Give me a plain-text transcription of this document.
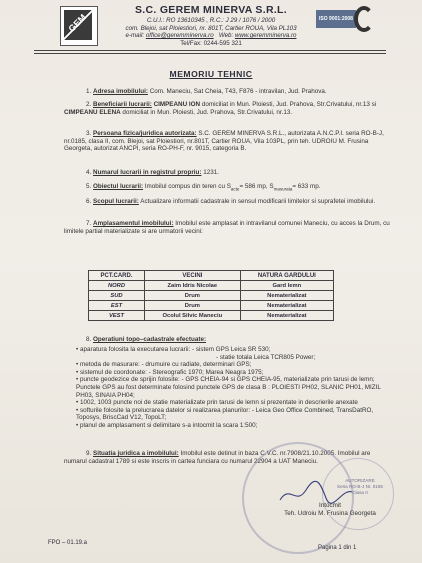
GEM
S.C. GEREM MINERVA S.R.L.
C.U.I.: RO 13610345 , R.C.: J 29 / 1076 / 2000
com. Blejoi, sat Ploiestiori, nr. 801T, Cartier ROUA, Vila PL103
e-mail: office@geremminerva.ro Web: www.geremminerva.ro
Tel/Fax: 0244-595 321
ISO 9001:2008
MEMORIU TEHNIC
1. Adresa imobilului: Com. Maneciu, Sat Cheia, T43, F876 - intravilan, Jud. Prahova.
2. Beneficiarii lucrarii: CIMPEANU ION domiciliat in Mun. Ploiesti, Jud. Prahova, Str.Crivatului, nr.13 si CIMPEANU ELENA domiciliat in Mun. Ploiesti, Jud. Prahova, Str.Crivatului, nr.13.
3. Persoana fizica/juridica autorizata: S.C. GEREM MINERVA S.R.L., autorizata A.N.C.P.I. seria RO-B-J, nr.0185, clasa II, com. Blejoi, sat Ploiestiori, nr.801T, Cartier ROUA, Vila 103PL, prin teh. UDROIU M. Frusina Georgeta, autorizat ANCPI, seria RO-PH-F, nr. 9015, categoria B.
4. Numarul lucrarii in registrul propriu: 1231.
5. Obiectul lucrarii: Imobilul compus din teren cu $S_{acte}= 586$ mp, $S_{masurata}= 633$ mp.
6. Scopul lucrarii: Actualizare informatii cadastrale in sensul modificarii limitelor si suprafetei imobilului.
7. Amplasamentul imobilului: Imobilul este amplasat in intravilanul comunei Maneciu, cu acces la Drum, cu limitele partial materializate si are urmatorii vecini:
PCT.CARD.	VECINI	NATURA GARDULUI
NORD	Zaim Idris Nicolae	Gard lemn
SUD	Drum	Nematerializat
EST	Drum	Nematerializat
VEST	Ocolul Silvic Maneciu	Nematerializat
8. Operatiuni topo–cadastrale efectuate:
• aparatura folosita la executarea lucrarii: - sistem GPS Leica SR 530;
- statie totala Leica TCR805 Power;
• metoda de masurare: - drumuire cu radiate, determinari GPS;
• sistemul de coordonate: - Stereografic 1970; Marea Neagra 1975;
• puncte geodezice de sprijin folosite: - GPS CHEIA-94 si GPS CHEIA-95, materializate prin tarusi de lemn; Punctele GPS au fost determinate folosind punctele GPS de clasa B : PLOIESTI PH02, SLANIC PH01, MIZIL PH03, SINAIA PH04;
• 1002, 1003 puncte noi de statie materializate prin tarusi de lemn si prezentate in descrierile anexate
• softurile folosite la prelucrarea datelor si realizarea planurilor: - Leica Geo Office Combined, TransDatRO, Toposys, BriscCad V12, TopoLT;
• planul de amplasament si delimitare s-a intocmit la scara 1:500;
9. Situatia juridica a imobilului: Imobilul este detinut in baza C.V.C. nr.7908/21.10.2005. Imobilul are numarul cadastral 1789 si este inscris in cartea funciara cu numarul 22904 a UAT Maneciu.
AUTORIZARE
Seria RO-B-J Nr. 0185
Clasa II
Intocmit
Teh. Udroiu M. Frusina Georgeta
FPO – 01.19.a
Pagina 1 din 1
